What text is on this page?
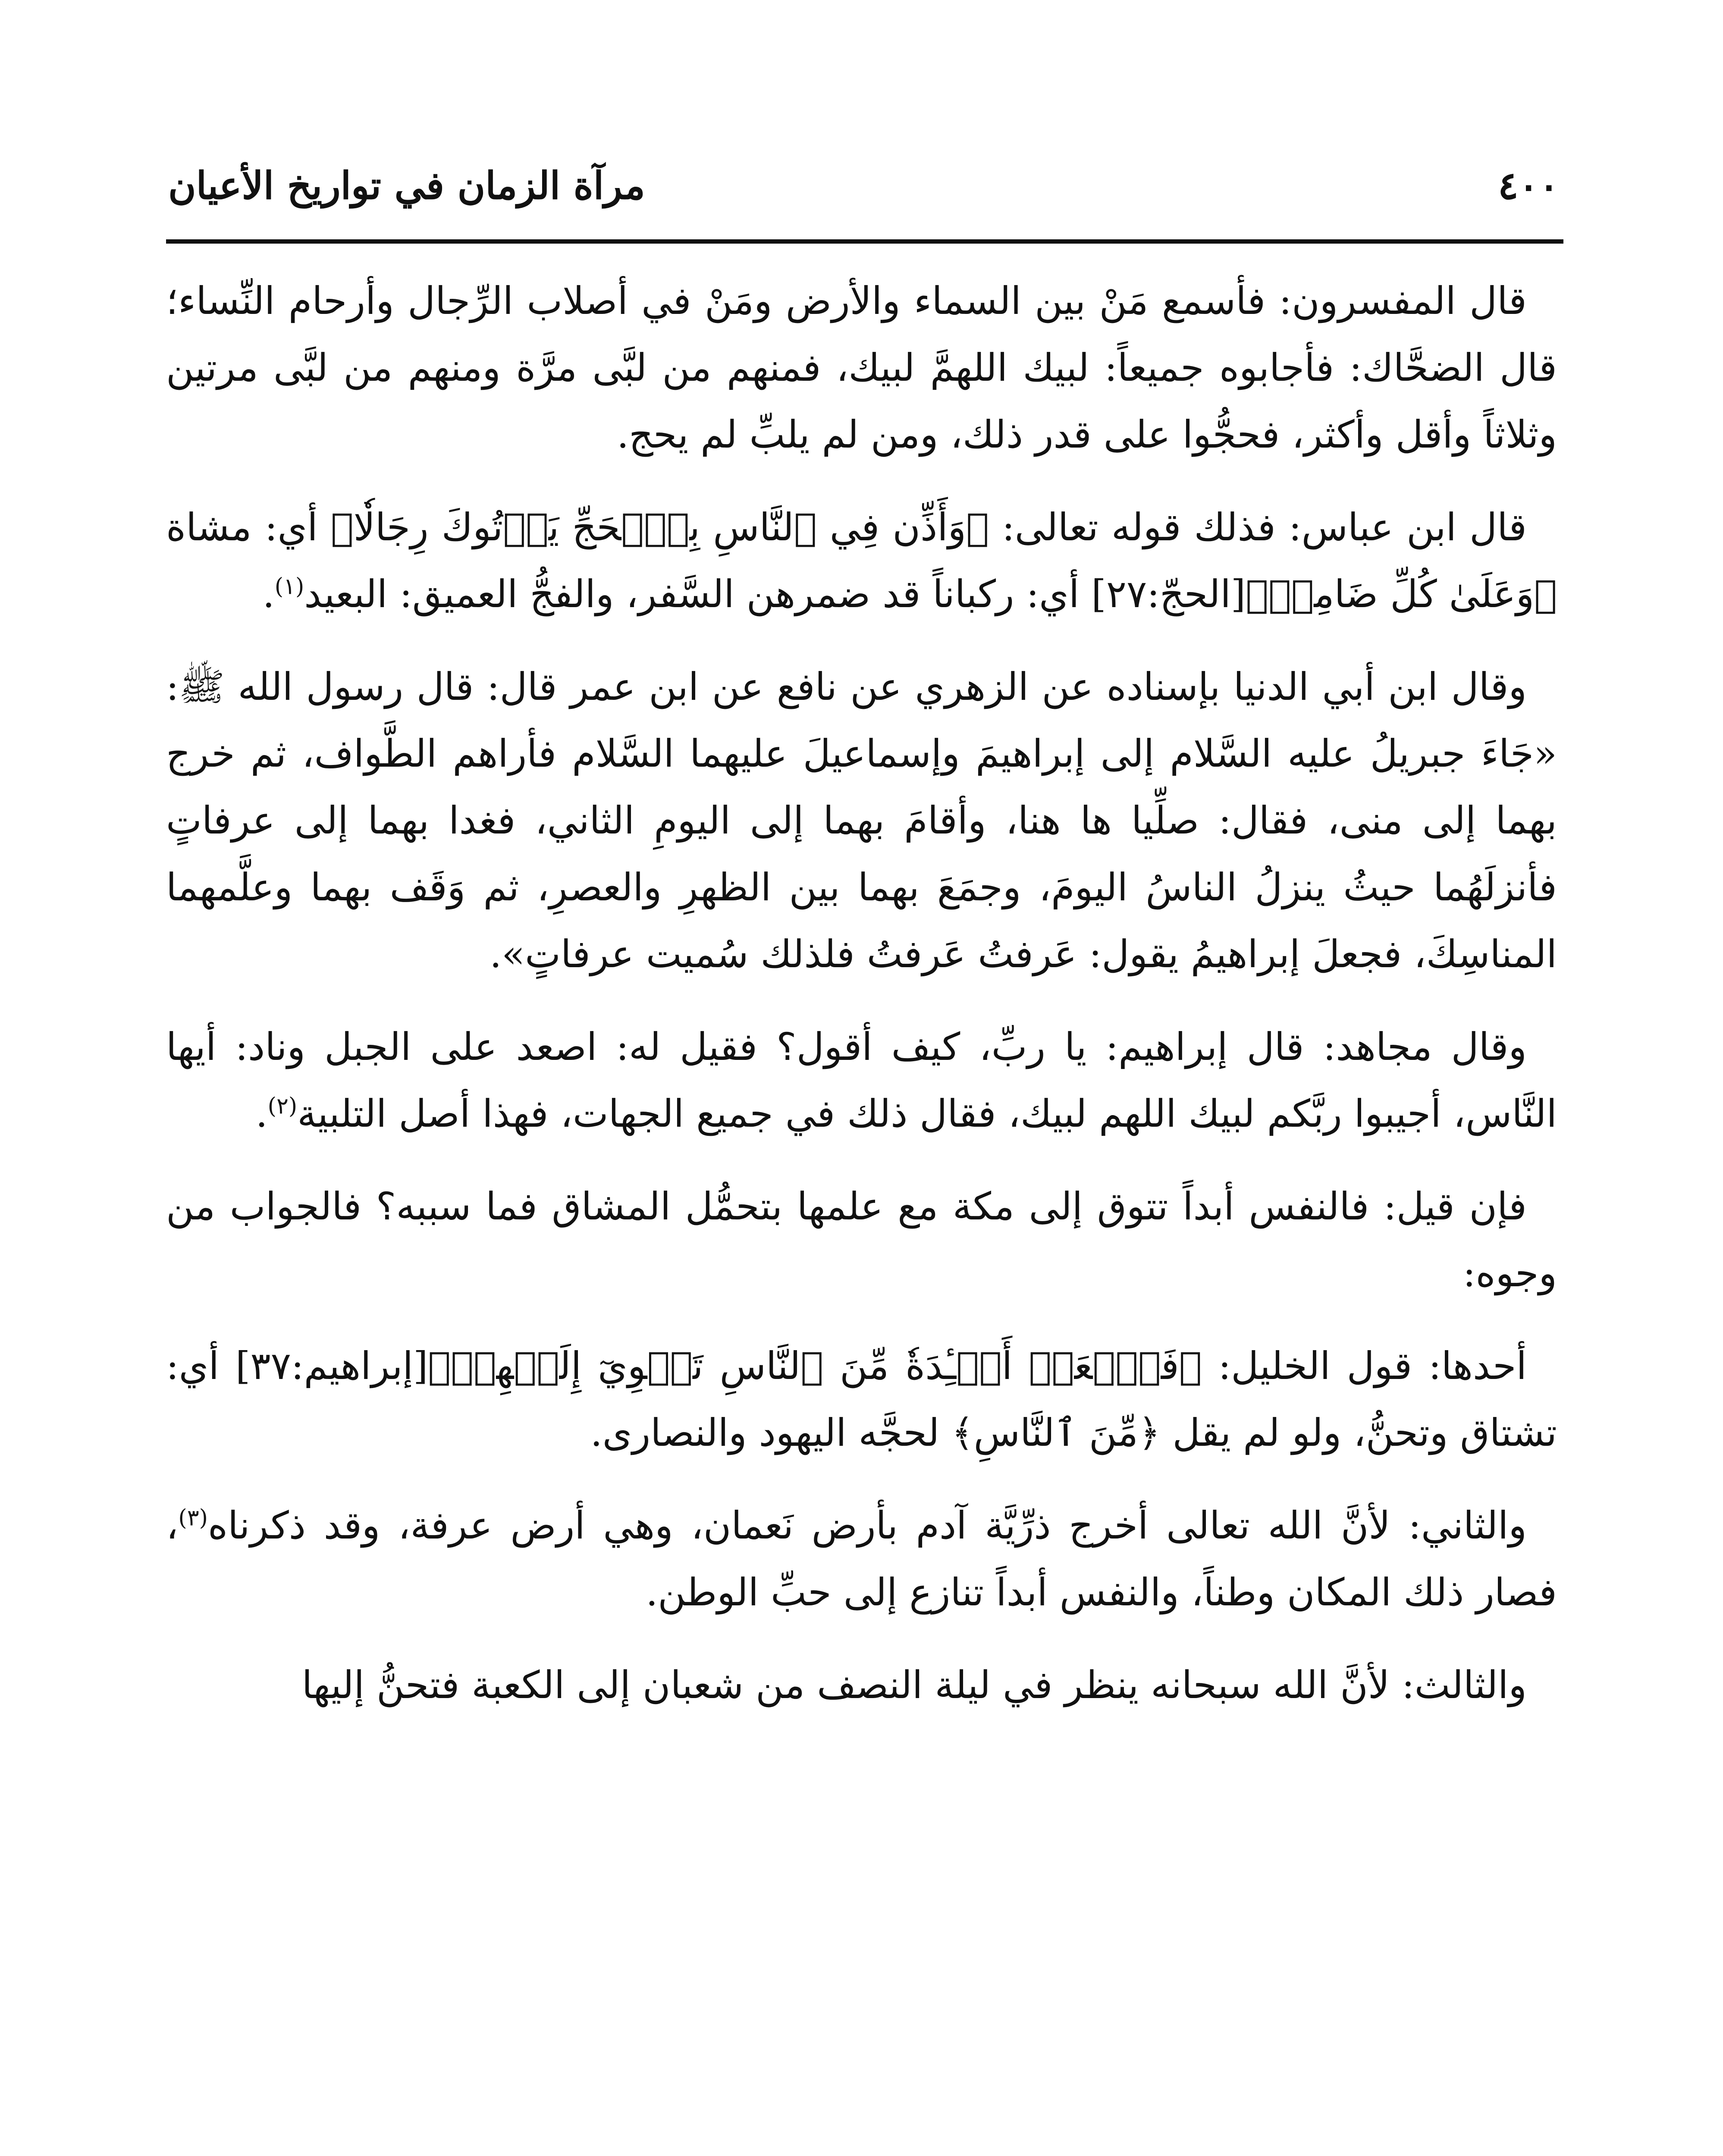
٤٠٠
مرآة الزمان في تواريخ الأعيان

قال المفسرون: فأسمع مَنْ بين السماء والأرض ومَنْ في أصلاب الرِّجال وأرحام النِّساء؛ قال الضحَّاك: فأجابوه جميعاً: لبيك اللهمَّ لبيك، فمنهم من لبَّى مرَّة ومنهم من لبَّى مرتين وثلاثاً وأقل وأكثر، فحجُّوا على قدر ذلك، ومن لم يلبِّ لم يحج.

قال ابن عباس: فذلك قوله تعالى: ﴿وَأَذِّن فِي ٱلنَّاسِ بِٱلۡحَجِّ يَأۡتُوكَ رِجَالٗا﴾ أي: مشاة ﴿وَعَلَىٰ كُلِّ ضَامِرٖ﴾[الحجّ:٢٧] أي: ركباناً قد ضمرهن السَّفر، والفجُّ العميق: البعيد$^{(١)}$.

وقال ابن أبي الدنيا بإسناده عن الزهري عن نافع عن ابن عمر قال: قال رسول الله ﷺ: «جَاءَ جبريلُ عليه السَّلام إلى إبراهيمَ وإسماعيلَ عليهما السَّلام فأراهم الطَّواف، ثم خرج بهما إلى منى، فقال: صلِّيا ها هنا، وأقامَ بهما إلى اليومِ الثاني، فغدا بهما إلى عرفاتٍ فأنزلَهُما حيثُ ينزلُ الناسُ اليومَ، وجمَعَ بهما بين الظهرِ والعصرِ، ثم وَقَف بهما وعلَّمهما المناسِكَ، فجعلَ إبراهيمُ يقول: عَرفتُ عَرفتُ فلذلك سُميت عرفاتٍ».

وقال مجاهد: قال إبراهيم: يا ربِّ، كيف أقول؟ فقيل له: اصعد على الجبل وناد: أيها النَّاس، أجيبوا ربَّكم لبيك اللهم لبيك، فقال ذلك في جميع الجهات، فهذا أصل التلبية$^{(٢)}$.

فإن قيل: فالنفس أبداً تتوق إلى مكة مع علمها بتحمُّل المشاق فما سببه؟ فالجواب من وجوه:

أحدها: قول الخليل: ﴿فَٱجۡعَلۡ أَفۡـِٔدَةٗ مِّنَ ٱلنَّاسِ تَهۡوِيٓ إِلَيۡهِمۡ﴾[إبراهيم:٣٧] أي: تشتاق وتحنُّ، ولو لم يقل ﴿مِّنَ ٱلنَّاسِ﴾ لحجَّه اليهود والنصارى.

والثاني: لأنَّ الله تعالى أخرج ذرِّيَّة آدم بأرض نَعمان، وهي أرض عرفة، وقد ذكرناه$^{(٣)}$، فصار ذلك المكان وطناً، والنفس أبداً تنازع إلى حبِّ الوطن.

والثالث: لأنَّ الله سبحانه ينظر في ليلة النصف من شعبان إلى الكعبة فتحنُّ إليها
